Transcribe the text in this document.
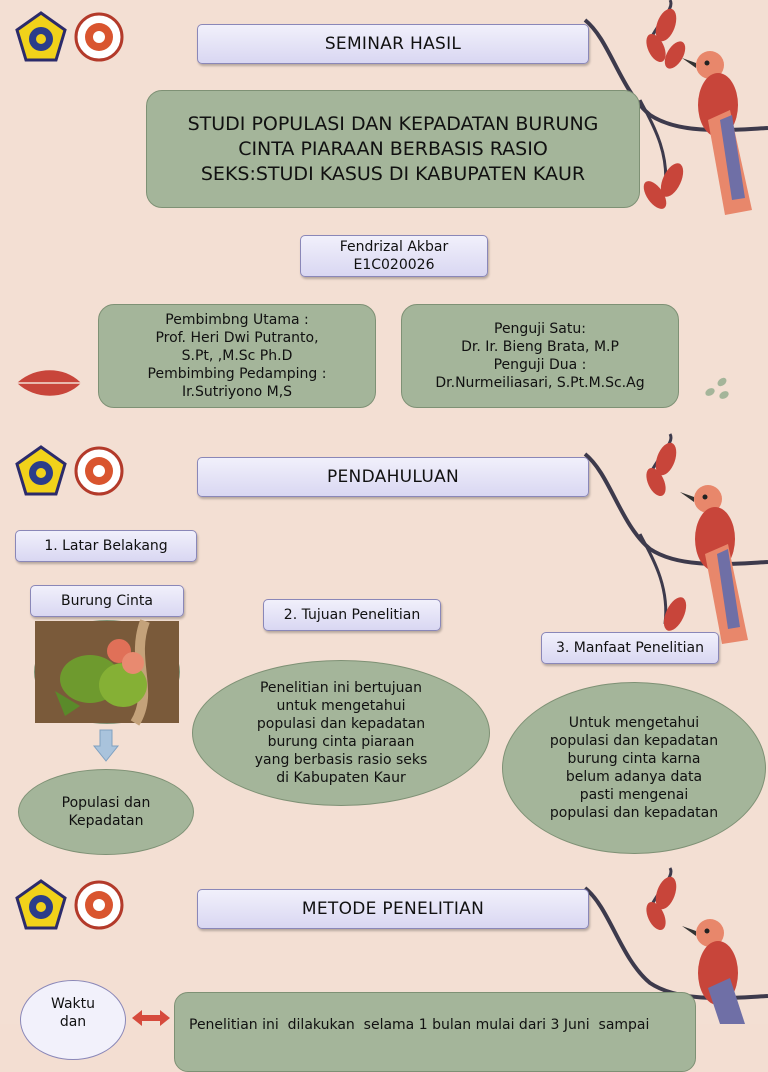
SEMINAR HASIL
STUDI POPULASI DAN KEPADATAN BURUNG
CINTA PIARAAN BERBASIS RASIO
SEKS:STUDI KASUS DI KABUPATEN KAUR
Fendrizal Akbar
E1C020026
Pembimbng Utama :
Prof. Heri Dwi Putranto,
S.Pt, ,M.Sc Ph.D
Pembimbing Pedamping :
Ir.Sutriyono M,S
Penguji Satu:
Dr. Ir. Bieng Brata, M.P
Penguji Dua :
Dr.Nurmeiliasari, S.Pt.M.Sc.Ag
PENDAHULUAN
1. Latar Belakang
Burung Cinta
Populasi dan
Kepadatan
2. Tujuan Penelitian
Penelitian ini bertujuan
untuk mengetahui
populasi dan kepadatan
burung cinta piaraan
yang berbasis rasio seks
di Kabupaten Kaur
3. Manfaat Penelitian
Untuk mengetahui
populasi dan kepadatan
burung cinta karna
belum adanya data
pasti mengenai
populasi dan kepadatan
METODE PENELITIAN
Waktu
dan	Penelitian ini  dilakukan  selama 1 bulan mulai dari 3 Juni  sampai
